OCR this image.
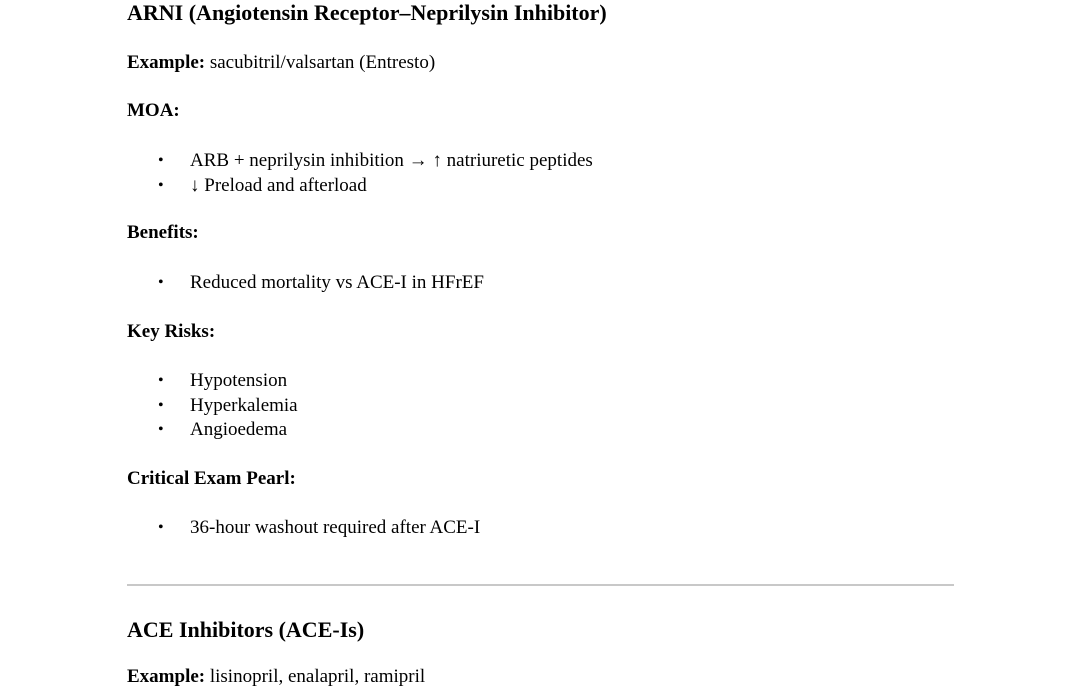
ARNI (Angiotensin Receptor–Neprilysin Inhibitor)

Example: sacubitril/valsartan (Entresto)

MOA:

• ARB + neprilysin inhibition → ↑ natriuretic peptides
• ↓ Preload and afterload

Benefits:

• Reduced mortality vs ACE-I in HFrEF

Key Risks:

• Hypotension
• Hyperkalemia
• Angioedema

Critical Exam Pearl:

• 36-hour washout required after ACE-I
ACE Inhibitors (ACE-Is)

Example: lisinopril, enalapril, ramipril
